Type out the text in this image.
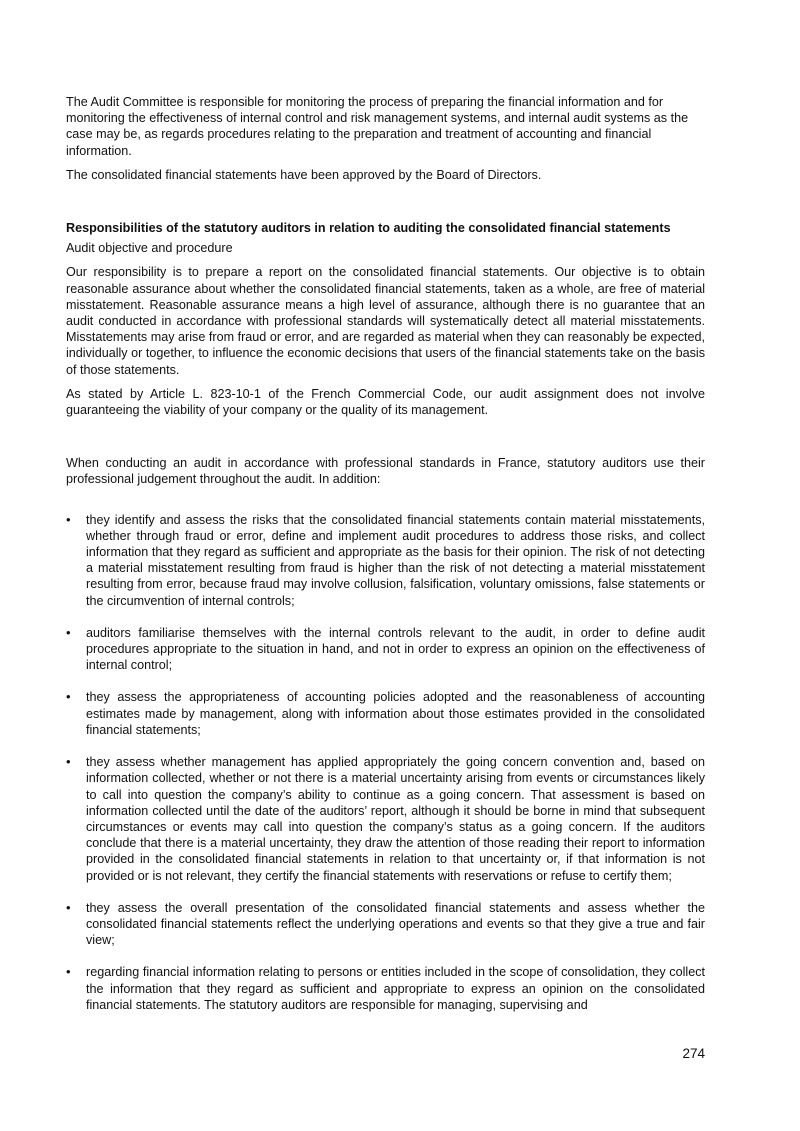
The Audit Committee is responsible for monitoring the process of preparing the financial information and for monitoring the effectiveness of internal control and risk management systems, and internal audit systems as the case may be, as regards procedures relating to the preparation and treatment of accounting and financial information.

The consolidated financial statements have been approved by the Board of Directors.

Responsibilities of the statutory auditors in relation to auditing the consolidated financial statements

Audit objective and procedure

Our responsibility is to prepare a report on the consolidated financial statements. Our objective is to obtain reasonable assurance about whether the consolidated financial statements, taken as a whole, are free of material misstatement. Reasonable assurance means a high level of assurance, although there is no guarantee that an audit conducted in accordance with professional standards will systematically detect all material misstatements. Misstatements may arise from fraud or error, and are regarded as material when they can reasonably be expected, individually or together, to influence the economic decisions that users of the financial statements take on the basis of those statements.

As stated by Article L. 823-10-1 of the French Commercial Code, our audit assignment does not involve guaranteeing the viability of your company or the quality of its management.

When conducting an audit in accordance with professional standards in France, statutory auditors use their professional judgement throughout the audit. In addition:

• they identify and assess the risks that the consolidated financial statements contain material misstatements, whether through fraud or error, define and implement audit procedures to address those risks, and collect information that they regard as sufficient and appropriate as the basis for their opinion. The risk of not detecting a material misstatement resulting from fraud is higher than the risk of not detecting a material misstatement resulting from error, because fraud may involve collusion, falsification, voluntary omissions, false statements or the circumvention of internal controls;
• auditors familiarise themselves with the internal controls relevant to the audit, in order to define audit procedures appropriate to the situation in hand, and not in order to express an opinion on the effectiveness of internal control;
• they assess the appropriateness of accounting policies adopted and the reasonableness of accounting estimates made by management, along with information about those estimates provided in the consolidated financial statements;
• they assess whether management has applied appropriately the going concern convention and, based on information collected, whether or not there is a material uncertainty arising from events or circumstances likely to call into question the company’s ability to continue as a going concern. That assessment is based on information collected until the date of the auditors’ report, although it should be borne in mind that subsequent circumstances or events may call into question the company’s status as a going concern. If the auditors conclude that there is a material uncertainty, they draw the attention of those reading their report to information provided in the consolidated financial statements in relation to that uncertainty or, if that information is not provided or is not relevant, they certify the financial statements with reservations or refuse to certify them;
• they assess the overall presentation of the consolidated financial statements and assess whether the consolidated financial statements reflect the underlying operations and events so that they give a true and fair view;
• regarding financial information relating to persons or entities included in the scope of consolidation, they collect the information that they regard as sufficient and appropriate to express an opinion on the consolidated financial statements. The statutory auditors are responsible for managing, supervising and
274
